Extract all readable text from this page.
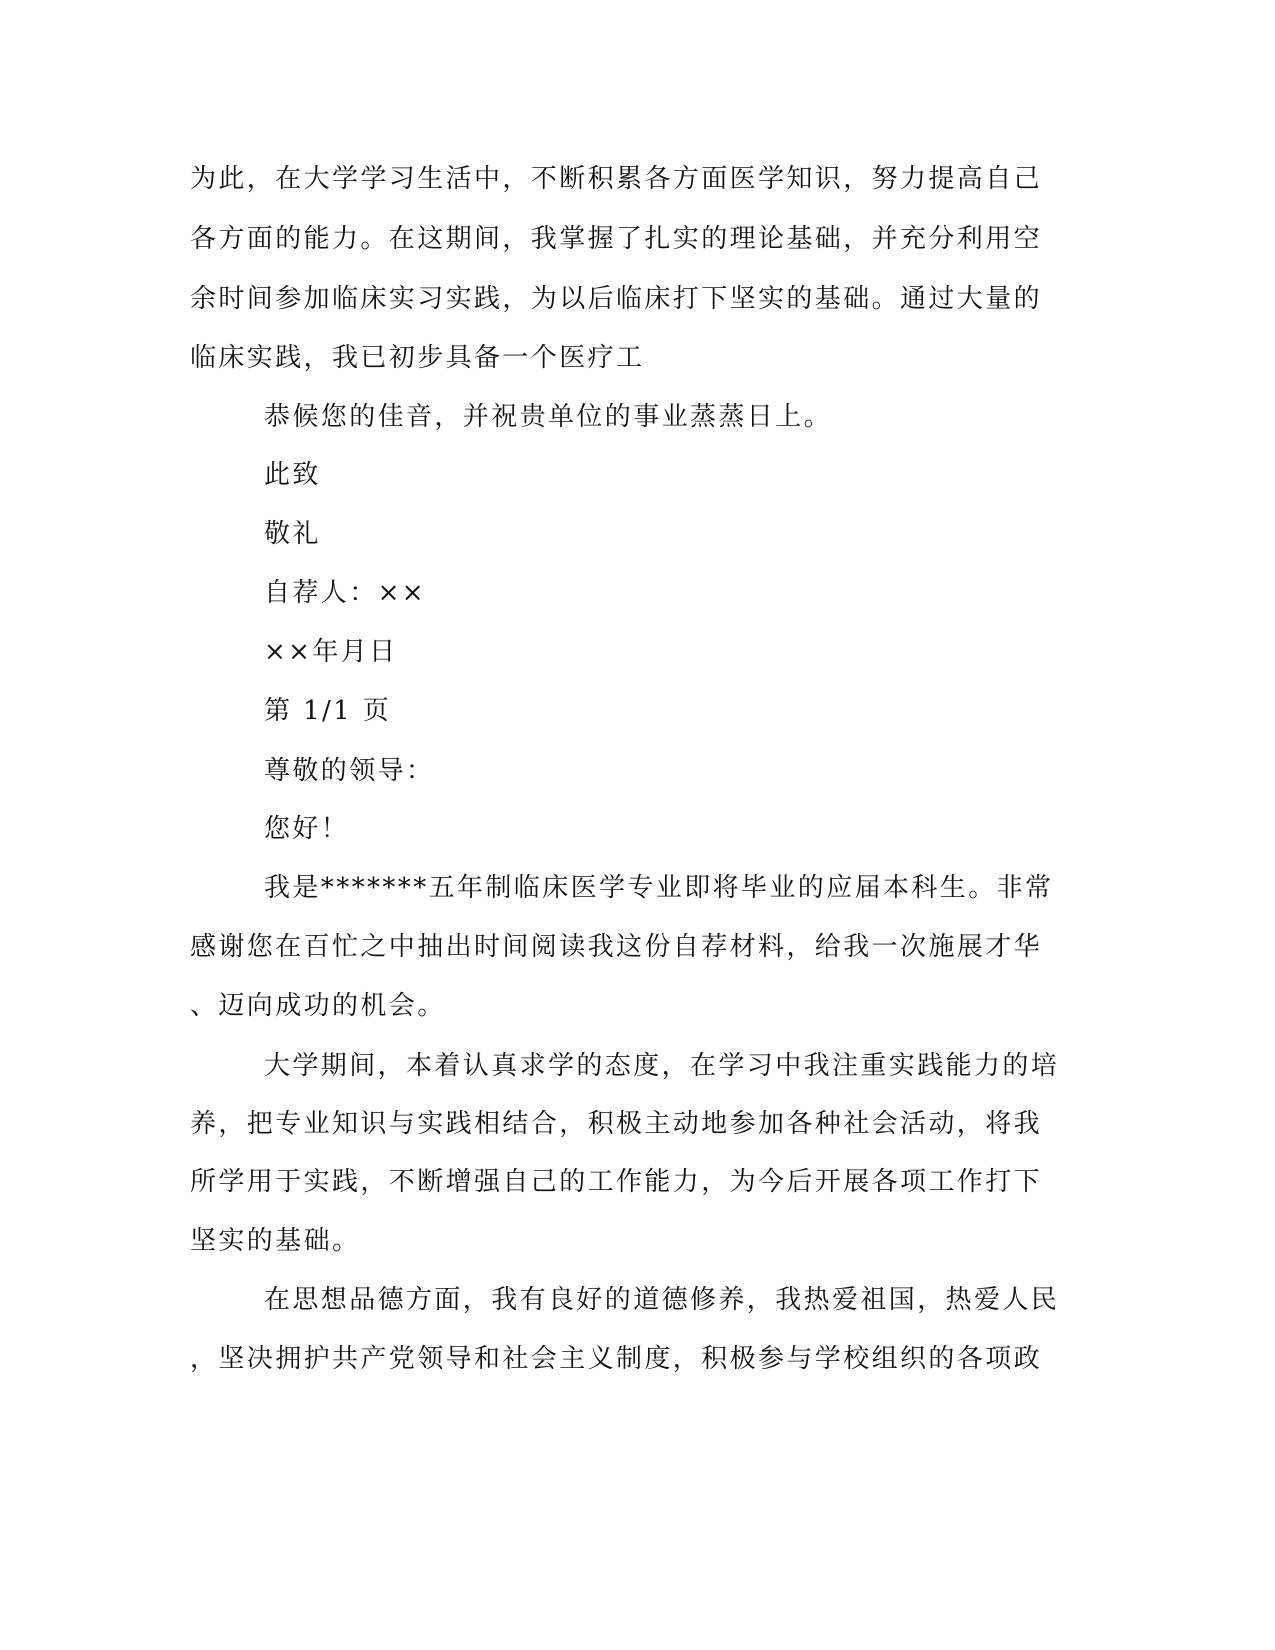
为此，在大学学习生活中，不断积累各方面医学知识，努力提高自己
各方面的能力。在这期间，我掌握了扎实的理论基础，并充分利用空
余时间参加临床实习实践，为以后临床打下坚实的基础。通过大量的
临床实践，我已初步具备一个医疗工
恭候您的佳音，并祝贵单位的事业蒸蒸日上。
此致
敬礼
自荐人：××
××年月日
第 1/1 页
尊敬的领导：
您好！
我是*******五年制临床医学专业即将毕业的应届本科生。非常
感谢您在百忙之中抽出时间阅读我这份自荐材料，给我一次施展才华
、迈向成功的机会。
大学期间，本着认真求学的态度，在学习中我注重实践能力的培
养，把专业知识与实践相结合，积极主动地参加各种社会活动，将我
所学用于实践，不断增强自己的工作能力，为今后开展各项工作打下
坚实的基础。
在思想品德方面，我有良好的道德修养，我热爱祖国，热爱人民
，坚决拥护共产党领导和社会主义制度，积极参与学校组织的各项政
